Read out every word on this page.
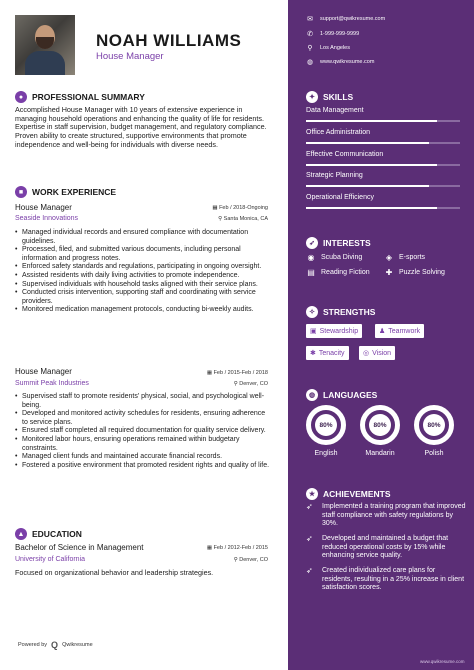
NOAH WILLIAMS
House Manager
●	PROFESSIONAL SUMMARY
Accomplished House Manager with 10 years of extensive experience in managing household operations and enhancing the quality of life for residents. Expertise in staff supervision, budget management, and regulatory compliance. Proven ability to create structured, supportive environments that promote independence and well-being for individuals with diverse needs.
■	WORK EXPERIENCE
House Manager	▦ Feb / 2018-Ongoing
Seaside Innovations	⚲ Santa Monica, CA
• Managed individual records and ensured compliance with documentation guidelines.
• Processed, filed, and submitted various documents, including personal information and progress notes.
• Enforced safety standards and regulations, participating in ongoing oversight.
• Assisted residents with daily living activities to promote independence.
• Supervised individuals with household tasks aligned with their service plans.
• Conducted crisis intervention, supporting staff and coordinating with service providers.
• Monitored medication management protocols, conducting bi-weekly audits.
House Manager	▦ Feb / 2015-Feb / 2018
Summit Peak Industries	⚲ Denver, CO
• Supervised staff to promote residents' physical, social, and psychological well-being.
• Developed and monitored activity schedules for residents, ensuring adherence to service plans.
• Ensured staff completed all required documentation for quality service delivery.
• Monitored labor hours, ensuring operations remained within budgetary constraints.
• Managed client funds and maintained accurate financial records.
• Fostered a positive environment that promoted resident rights and quality of life.
▲ EDUCATION
Bachelor of Science in Management	▦ Feb / 2012-Feb / 2015
University of California	⚲ Denver, CO
Focused on organizational behavior and leadership strategies.
Powered by Q Qwikresume
✉ support@qwikresume.com
✆ 1-999-999-9999
⚲ Los Angeles
◍ www.qwikresume.com
✦ SKILLS
Data Management
Office Administration
Effective Communication
Strategic Planning
Operational Efficiency
➶ INTERESTS
◉ Scuba Diving	◈ E-sports
▤ Reading Fiction ✚ Puzzle Solving
✧ STRENGTHS
▣ Stewardship	♟ Teamwork
✱ Tenacity	◎ Vision
◍ LANGUAGES
80%
English
80%
Mandarin
80%
Polish
★ ACHIEVEMENTS
➶ Implemented a training program that improved staff compliance with safety regulations by 30%.
➶ Developed and maintained a budget that reduced operational costs by 15% while enhancing service quality.
➶ Created individualized care plans for residents, resulting in a 25% increase in client satisfaction scores.
www.qwikresume.com
